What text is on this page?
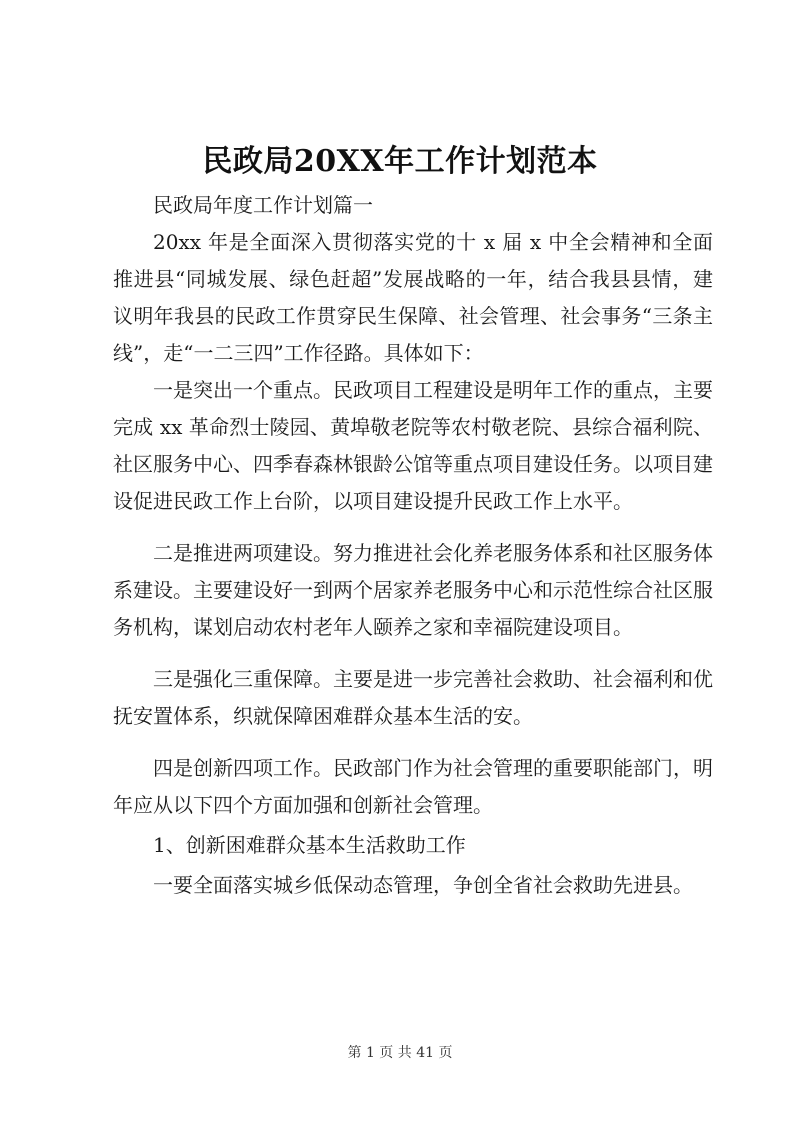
民政局20XX年工作计划范本

民政局年度工作计划篇一

20xx 年是全面深入贯彻落实党的十 x 届 x 中全会精神和全面推进县“同城发展、绿色赶超”发展战略的一年，结合我县县情，建议明年我县的民政工作贯穿民生保障、社会管理、社会事务“三条主线”，走“一二三四”工作径路。具体如下：

一是突出一个重点。民政项目工程建设是明年工作的重点，主要完成 xx 革命烈士陵园、黄埠敬老院等农村敬老院、县综合福利院、社区服务中心、四季春森林银龄公馆等重点项目建设任务。以项目建设促进民政工作上台阶，以项目建设提升民政工作上水平。

二是推进两项建设。努力推进社会化养老服务体系和社区服务体系建设。主要建设好一到两个居家养老服务中心和示范性综合社区服务机构，谋划启动农村老年人颐养之家和幸福院建设项目。

三是强化三重保障。主要是进一步完善社会救助、社会福利和优抚安置体系，织就保障困难群众基本生活的安。

四是创新四项工作。民政部门作为社会管理的重要职能部门，明年应从以下四个方面加强和创新社会管理。

1、创新困难群众基本生活救助工作

一要全面落实城乡低保动态管理，争创全省社会救助先进县。

第 1 页 共 41 页
